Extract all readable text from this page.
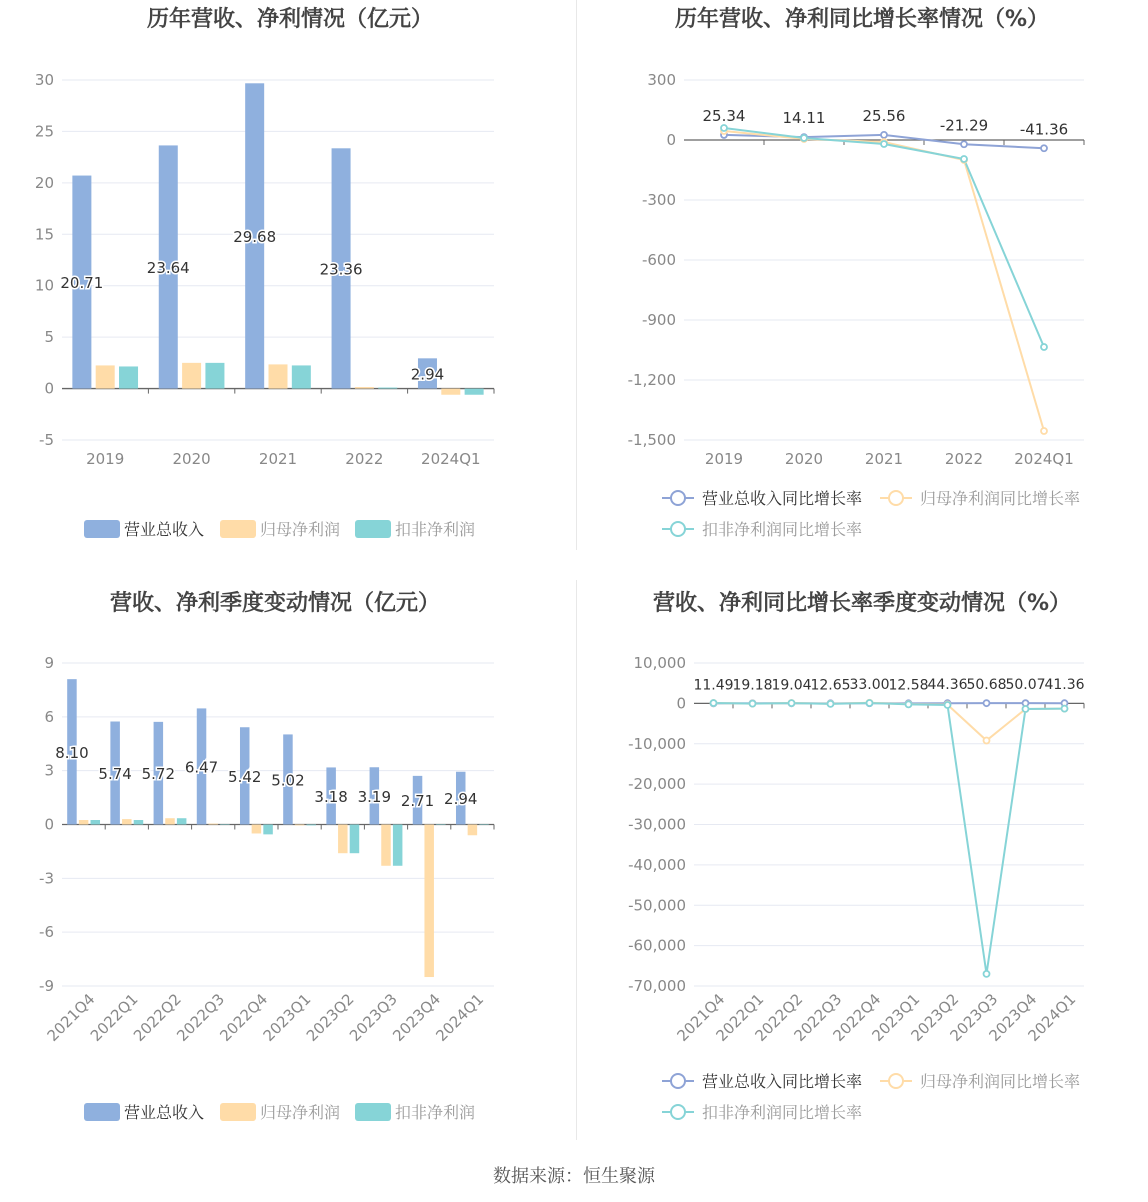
历年营收、净利情况（亿元）
30
25
20
15
10
5
0
-5
2019	2020	2021	2022	2024Q1
20.71
23.64
29.68
23.36
2.94
营业总收入	归母净利润	扣非净利润
历年营收、净利同比增长率情况（%）
300
0
-300
-600
-900
-1,200
-1,500
2019	2020	2021	2022 2024Q1
25.34 14.11 25.56
-21.29 -41.36
营业总收入同比增长率	归母净利润同比增长率
扣非净利润同比增长率
营收、净利季度变动情况（亿元）
9
6
3
0
-3
-6
-9
2021Q4
2022Q1
2022Q2
2022Q3
2022Q4
2023Q1
2023Q2
2023Q3
2023Q4
2024Q1
8.10
5.74 5.72 6.47
5.42 5.02
3.18 3.19 2.71 2.94
营业总收入	归母净利润	扣非净利润
营收、净利同比增长率季度变动情况（%）
10,000
0
-10,000
-20,000
-30,000
-40,000
-50,000
-60,000
-70,000
2021Q4
2022Q1
2022Q2
2022Q3
2022Q4
2023Q1
2023Q2
2023Q3
2023Q4
2024Q1
11.49
19.18
19.04
12.65
33.00
12.58
44.36
50.68
50.07
41.36
营业总收入同比增长率	归母净利润同比增长率
扣非净利润同比增长率
数据来源：恒生聚源
